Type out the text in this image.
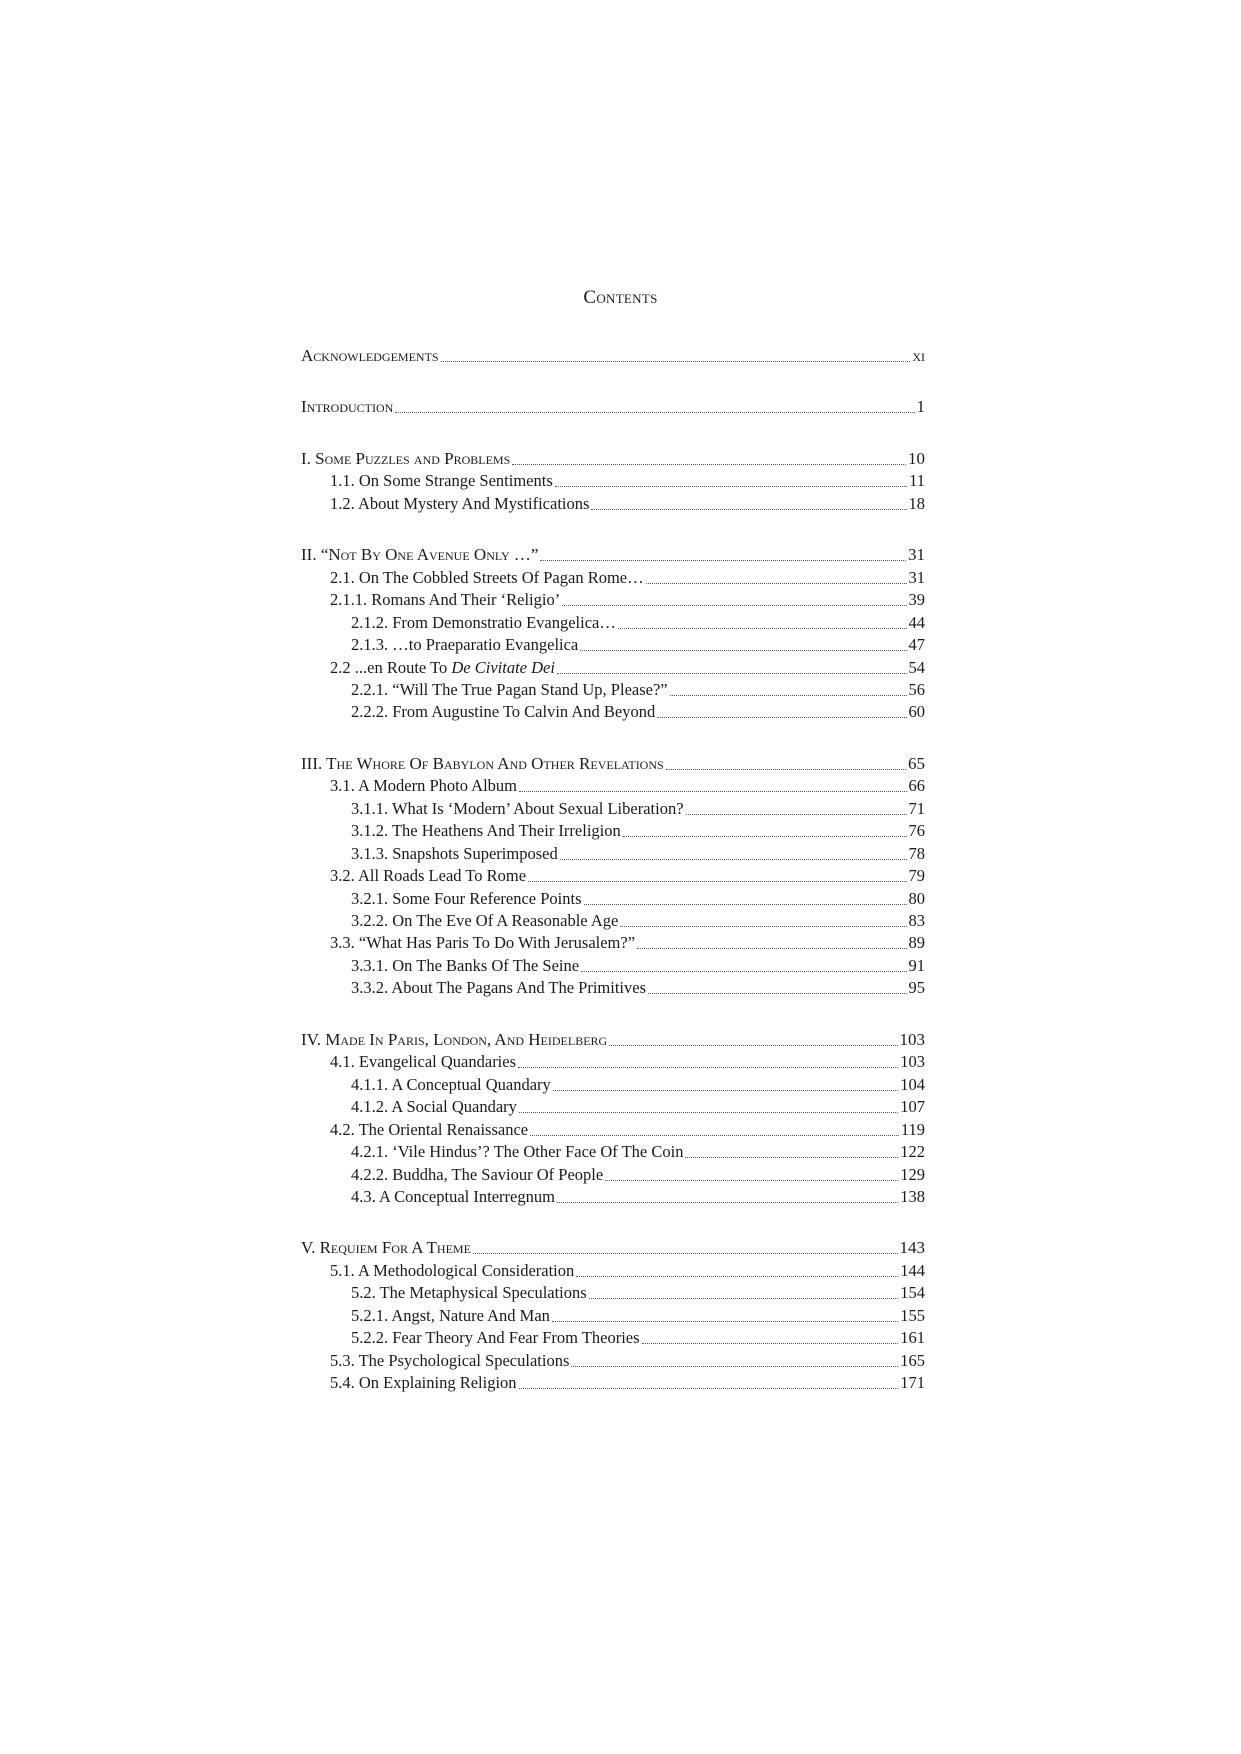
Contents
Acknowledgements	xi
Introduction	1
I. Some Puzzles and Problems	10
1.1. On Some Strange Sentiments	11
1.2. About Mystery And Mystifications	18
II. “Not By One Avenue Only …”	31
2.1. On The Cobbled Streets Of Pagan Rome…	31
2.1.1. Romans And Their ‘Religio’	39
2.1.2. From Demonstratio Evangelica…	44
2.1.3. …to Praeparatio Evangelica	47
2.2 ...en Route To De Civitate Dei	54
2.2.1. “Will The True Pagan Stand Up, Please?”	56
2.2.2. From Augustine To Calvin And Beyond	60
III. The Whore Of Babylon And Other Revelations	65
3.1. A Modern Photo Album	66
3.1.1. What Is ‘Modern’ About Sexual Liberation?	71
3.1.2. The Heathens And Their Irreligion	76
3.1.3. Snapshots Superimposed	78
3.2. All Roads Lead To Rome	79
3.2.1. Some Four Reference Points	80
3.2.2. On The Eve Of A Reasonable Age	83
3.3. “What Has Paris To Do With Jerusalem?”	89
3.3.1. On The Banks Of The Seine	91
3.3.2. About The Pagans And The Primitives	95
IV. Made In Paris, London, And Heidelberg	103
4.1. Evangelical Quandaries	103
4.1.1. A Conceptual Quandary	104
4.1.2. A Social Quandary	107
4.2. The Oriental Renaissance	119
4.2.1. ‘Vile Hindus’? The Other Face Of The Coin	122
4.2.2. Buddha, The Saviour Of People	129
4.3. A Conceptual Interregnum	138
V. Requiem For A Theme	143
5.1. A Methodological Consideration	144
5.2. The Metaphysical Speculations	154
5.2.1. Angst, Nature And Man	155
5.2.2. Fear Theory And Fear From Theories	161
5.3. The Psychological Speculations	165
5.4. On Explaining Religion	171
